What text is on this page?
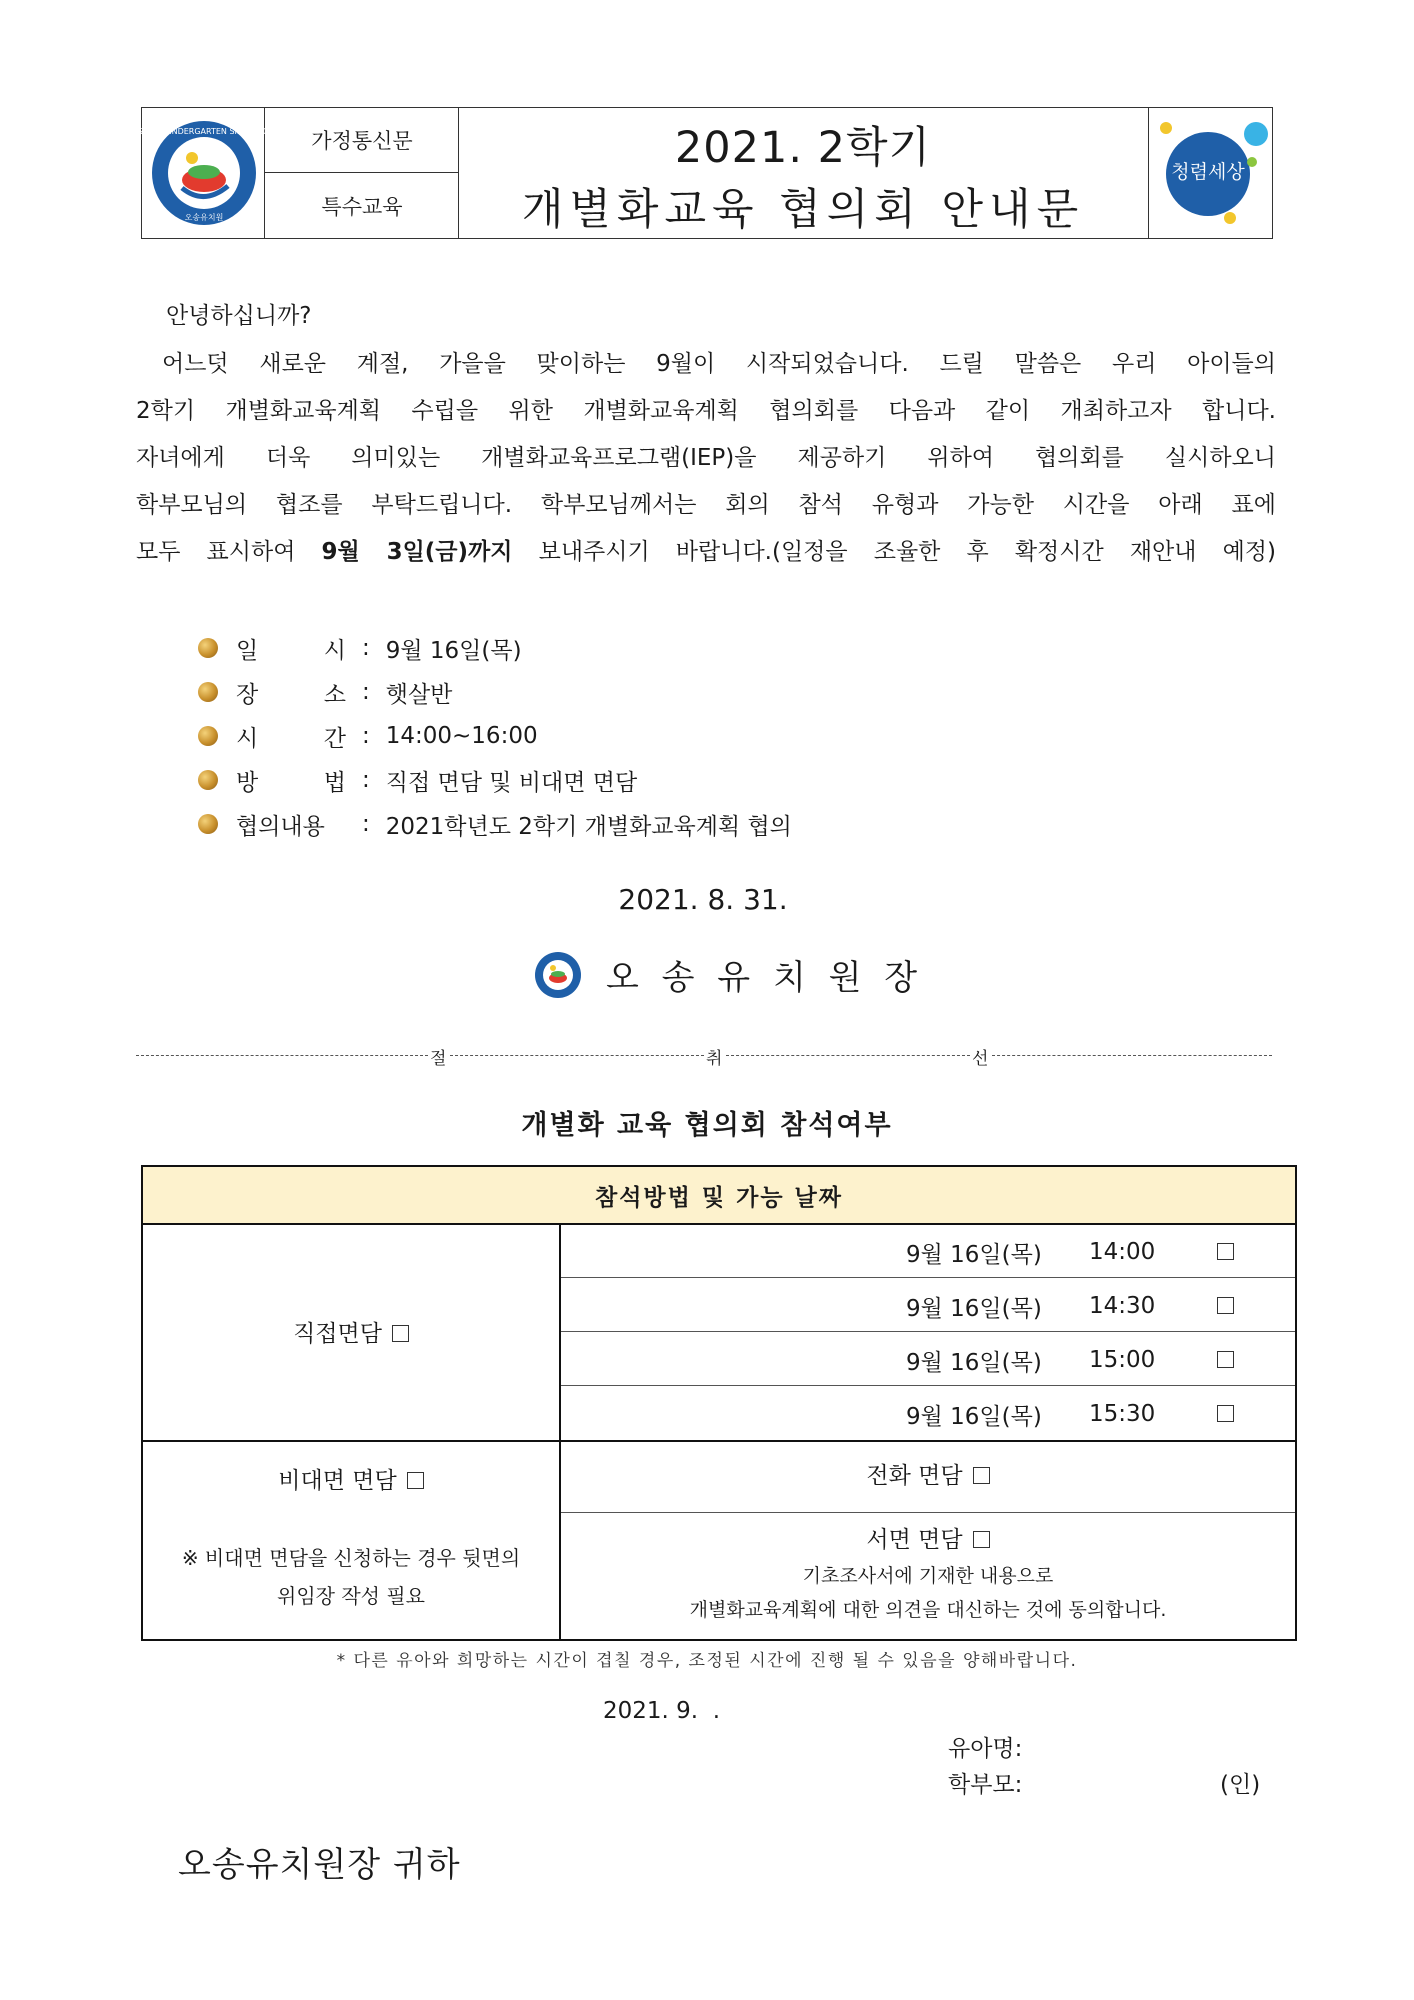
OSONG KINDERGARTEN SINCE 2012
오송유치원
가정통신문
특수교육
2021. 2학기
개별화교육 협의회 안내문
청렴세상
안녕하십니까?
어느덧 새로운 계절, 가을을 맞이하는 9월이 시작되었습니다. 드릴 말씀은 우리 아이들의
2학기 개별화교육계획 수립을 위한 개별화교육계획 협의회를 다음과 같이 개최하고자 합니다.
자녀에게 더욱 의미있는 개별화교육프로그램(IEP)을 제공하기 위하여 협의회를 실시하오니
학부모님의 협조를 부탁드립니다. 학부모님께서는 회의 참석 유형과 가능한 시간을 아래 표에
모두 표시하여 9월 3일(금)까지 보내주시기 바랍니다.(일정을 조율한 후 확정시간 재안내 예정)
일 시 : 9월 16일(목)
장 소 : 햇살반
시 간 : 14:00~16:00
방 법 : 직접 면담 및 비대면 면담
협의내용	: 2021학년도 2학기 개별화교육계획 협의
2021. 8. 31.
오 송 유 치 원 장
절	취	선
개별화 교육 협의회 참석여부
참석방법 및 가능 날짜
직접면담
9월 16일(목) 14:00
9월 16일(목) 14:30
9월 16일(목) 15:00
9월 16일(목) 15:30
비대면 면담
※ 비대면 면담을 신청하는 경우 뒷면의
위임장 작성 필요
전화 면담
서면 면담
기초조사서에 기재한 내용으로
개별화교육계획에 대한 의견을 대신하는 것에 동의합니다.
* 다른 유아와 희망하는 시간이 겹칠 경우, 조정된 시간에 진행 될 수 있음을 양해바랍니다.
2021. 9.  .
유아명:
학부모:	(인)
오송유치원장 귀하
